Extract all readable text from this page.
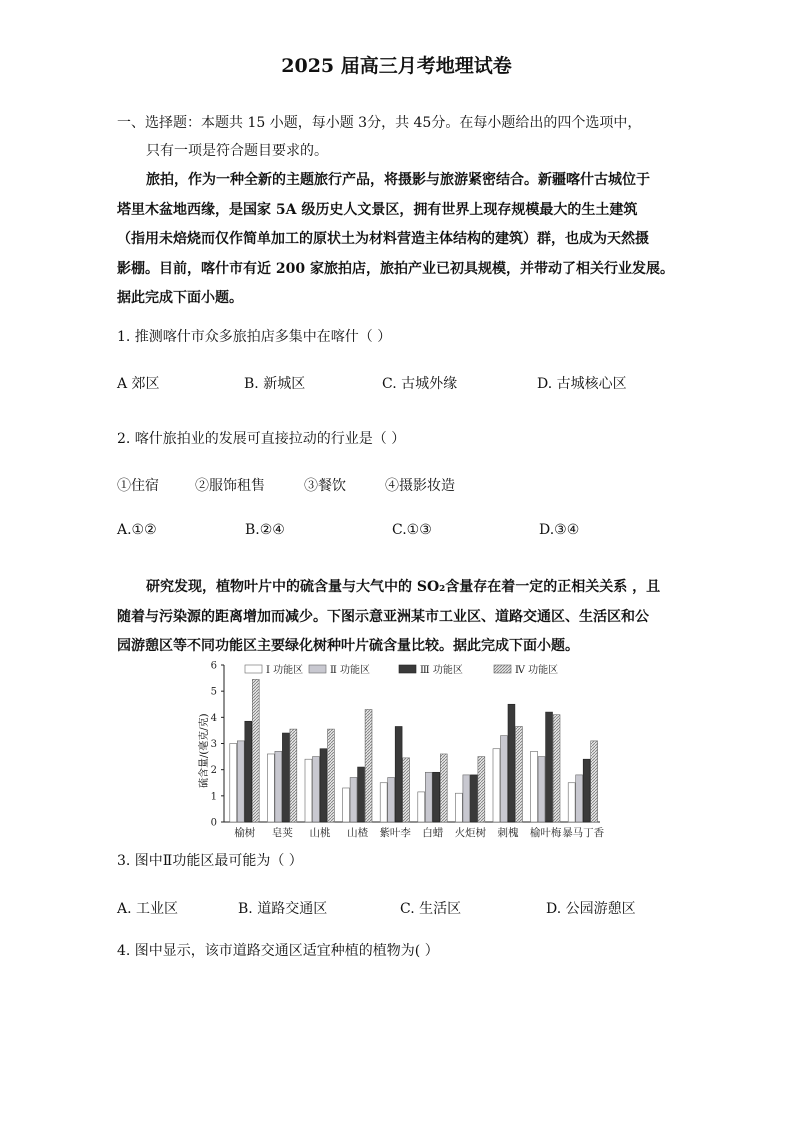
2025 届高三月考地理试卷
一、选择题：本题共 15 小题，每小题 3分，共 45分。在每小题给出的四个选项中，
只有一项是符合题目要求的。
旅拍，作为一种全新的主题旅行产品，将摄影与旅游紧密结合。新疆喀什古城位于
塔里木盆地西缘，是国家 5A 级历史人文景区，拥有世界上现存规模最大的生土建筑
（指用未焙烧而仅作简单加工的原状土为材料营造主体结构的建筑）群，也成为天然摄
影棚。目前，喀什市有近 200 家旅拍店，旅拍产业已初具规模，并带动了相关行业发展。
据此完成下面小题。
1. 推测喀什市众多旅拍店多集中在喀什（ ）
A 郊区	B. 新城区	C. 古城外缘	D. 古城核心区
2. 喀什旅拍业的发展可直接拉动的行业是（ ）
①住宿	②服饰租售	③餐饮	④摄影妆造
A.①②	B.②④	C.①③	D.③④
研究发现，植物叶片中的硫含量与大气中的 SO₂含量存在着一定的正相关关系 ，且
随着与污染源的距离增加而减少。下图示意亚洲某市工业区、道路交通区、生活区和公
园游憩区等不同功能区主要绿化树种叶片硫含量比较。据此完成下面小题。
硫含量/(毫克/克)
0
1
2
3
4
5
6
榆树 皂荚 山桃 山楂 紫叶李 白蜡 火炬树 刺槐 榆叶梅 暴马丁香
Ⅰ 功能区	Ⅱ 功能区	Ⅲ 功能区	Ⅳ 功能区
3. 图中Ⅱ功能区最可能为（ ）
A. 工业区	B. 道路交通区	C. 生活区	D. 公园游憩区
4. 图中显示，该市道路交通区适宜种植的植物为( ）
